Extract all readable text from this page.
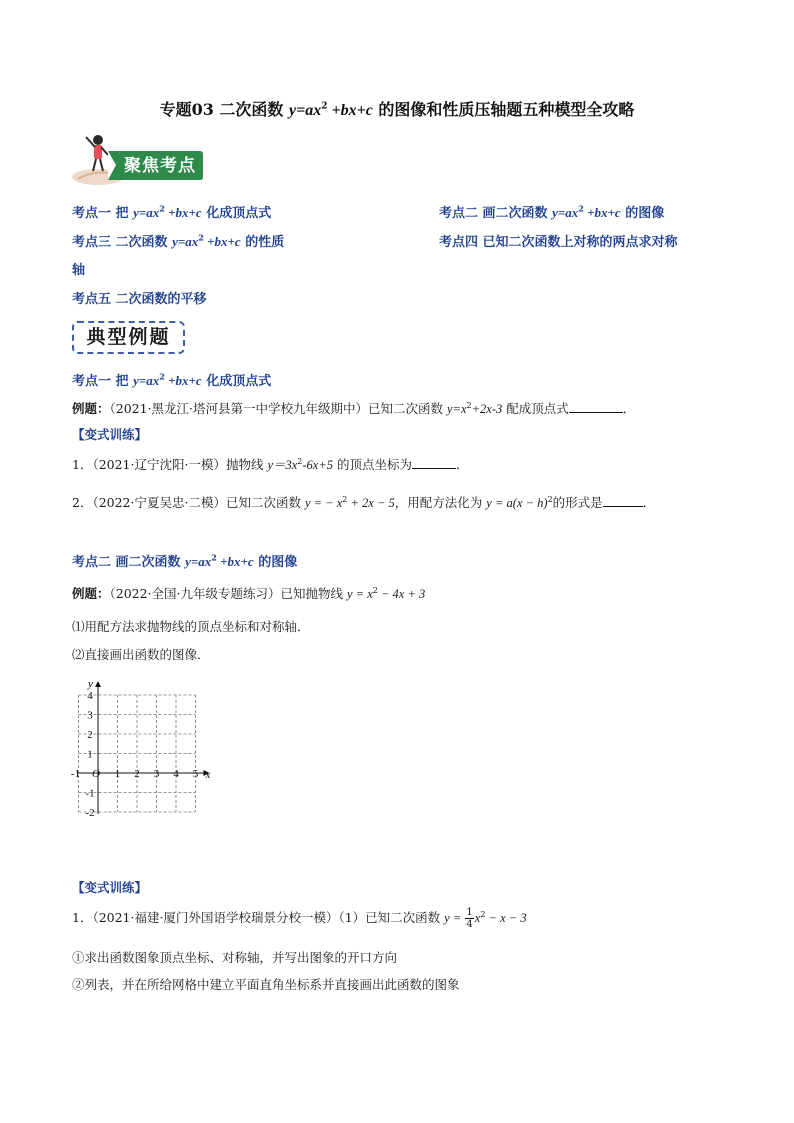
专题03 二次函数 $y=ax^2 +bx+c$ 的图像和性质压轴题五种模型全攻略
聚焦考点
考点一 把 $y=ax^2 +bx+c$ 化成顶点式	考点二 画二次函数 $y=ax^2 +bx+c$ 的图像
考点三 二次函数 $y=ax^2 +bx+c$ 的性质	考点四 已知二次函数上对称的两点求对称
轴
考点五 二次函数的平移
典型例题
考点一 把 $y=ax^2 +bx+c$ 化成顶点式
例题：（2021·黑龙江·塔河县第一中学校九年级期中）已知二次函数 $y=x^2+2x-3$ 配成顶点式	．
【变式训练】
1．（2021·辽宁沈阳·一模）抛物线 $y=3x^2-6x+5$ 的顶点坐标为	．
2．（2022·宁夏吴忠·二模）已知二次函数 y = − $x^2 + 2x - 5$，用配方法化为 $y = a(x - h)^2$的形式是	．
考点二 画二次函数 $y=ax^2 +bx+c$ 的图像
例题：（2022·全国·九年级专题练习）已知抛物线 $y = x^2 - 4x + 3$
⑴用配方法求抛物线的顶点坐标和对称轴．
⑵直接画出函数的图像．
x
y
O
-1	1 2 3 4 5
4
3
2
1
-1
-2
【变式训练】
1．（2021·福建·厦门外国语学校瑞景分校一模）（1）已知二次函数 $y = \frac{1}{4} x^2 - x - 3$
①求出函数图象顶点坐标、对称轴，并写出图象的开口方向
②列表，并在所给网格中建立平面直角坐标系并直接画出此函数的图象
